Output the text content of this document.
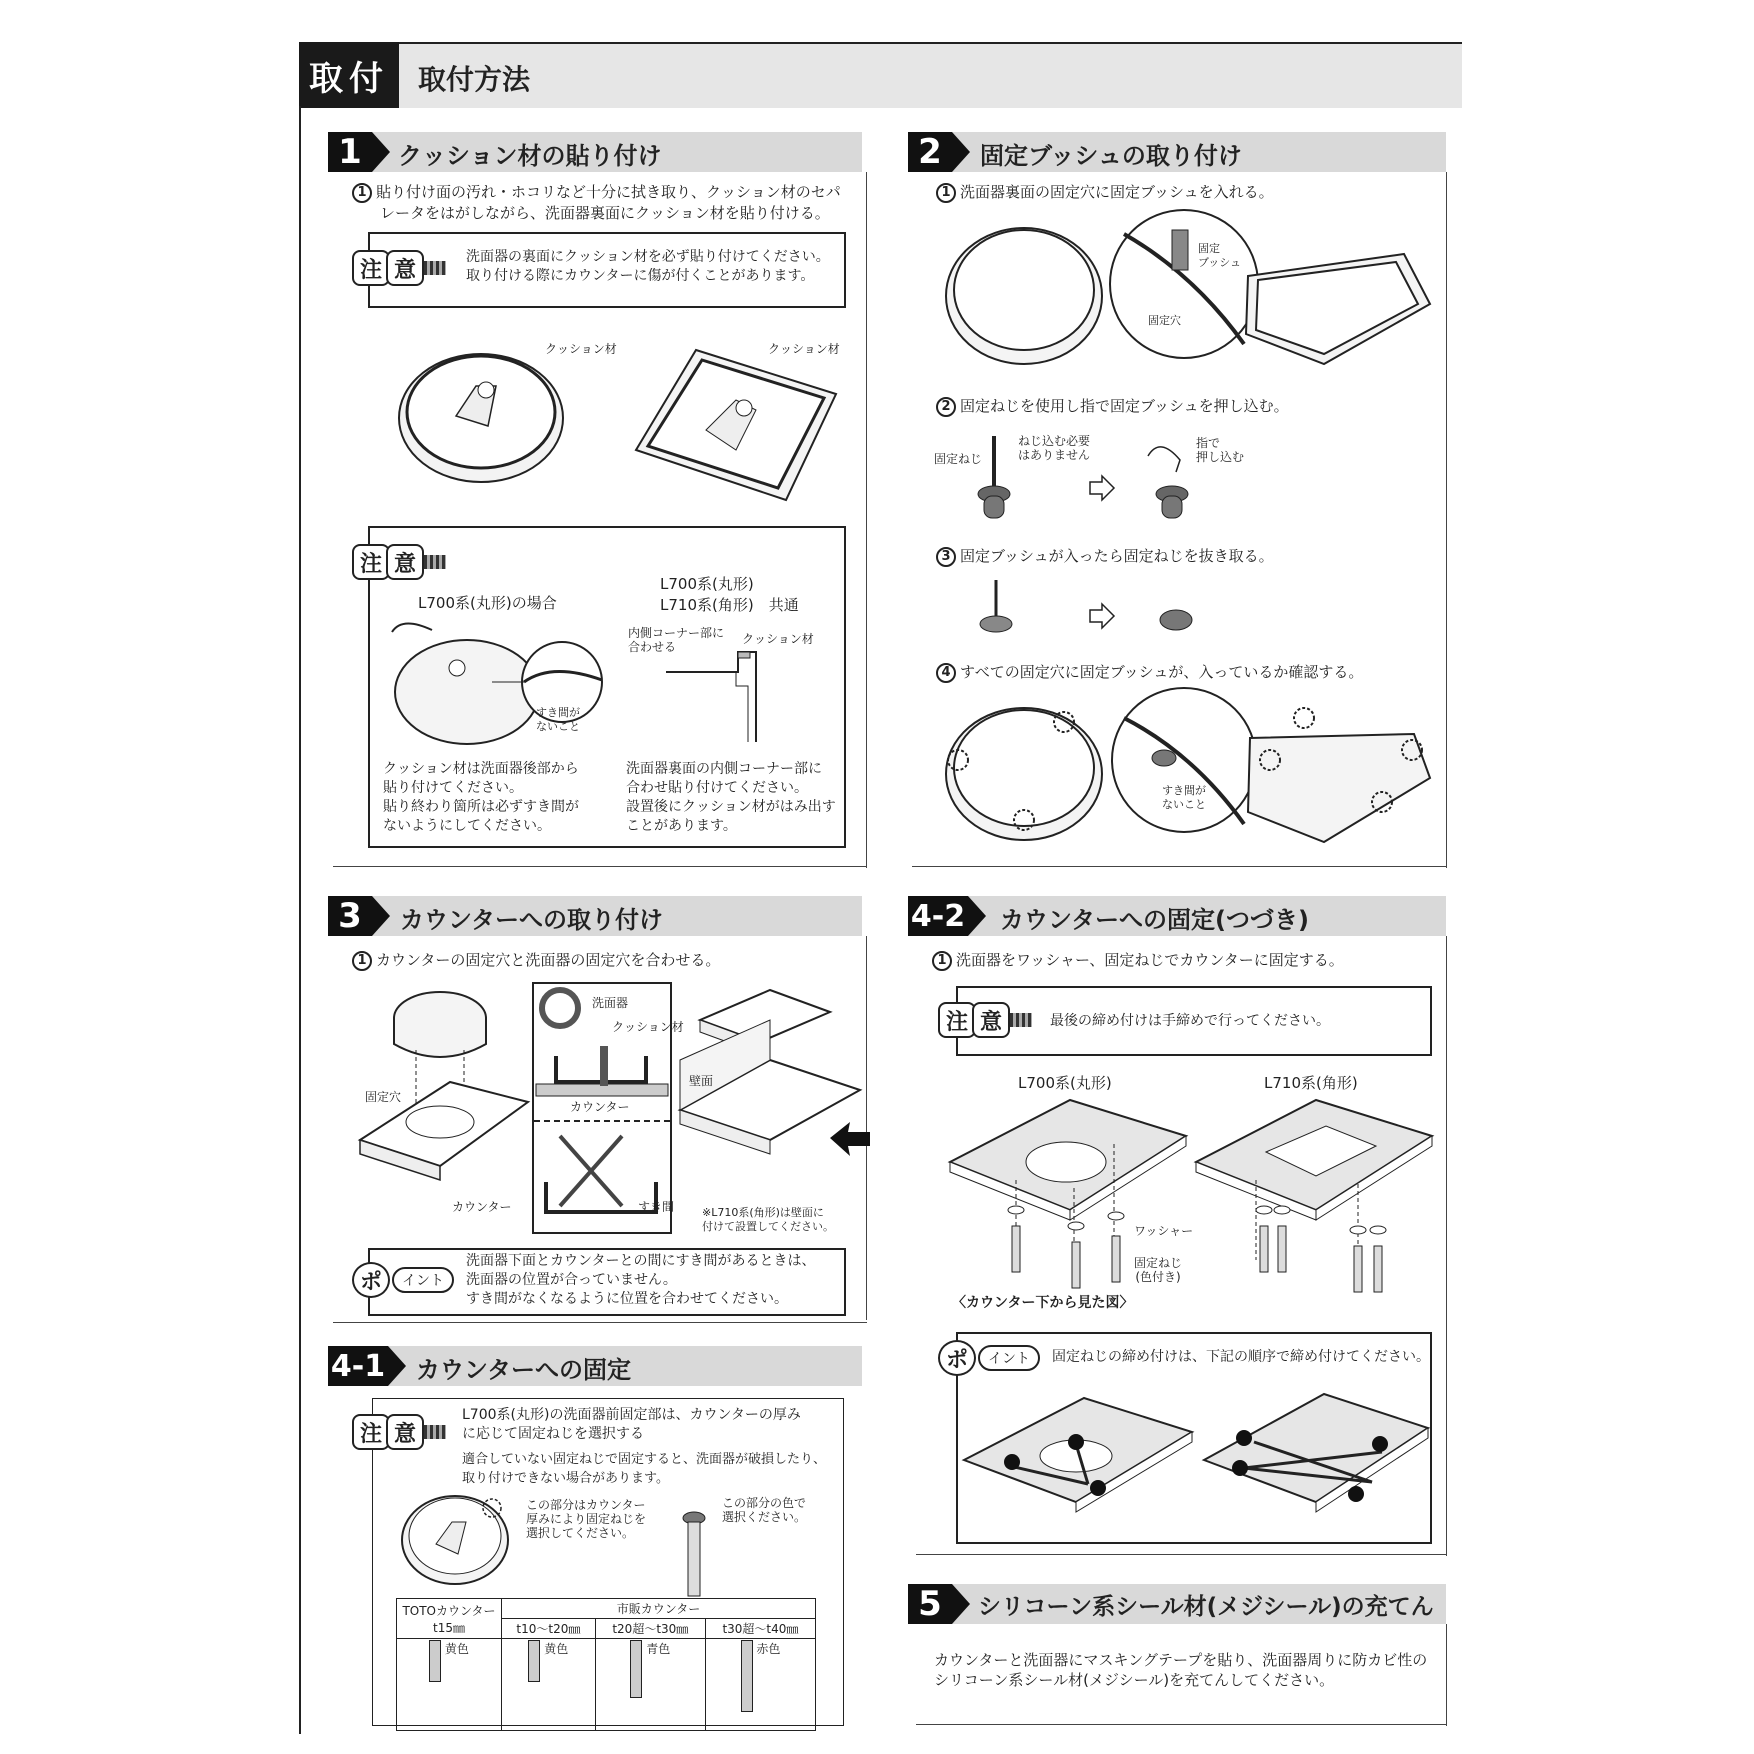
取付	取付方法
1	クッション材の貼り付け
1 貼り付け面の汚れ・ホコリなど十分に拭き取り、クッション材のセパ
レータをはがしながら、洗面器裏面にクッション材を貼り付ける。
注 意
洗面器の裏面にクッション材を必ず貼り付けてください。
取り付ける際にカウンターに傷が付くことがあります。
クッション材	クッション材
注 意
L700系(丸形)の場合
L700系(丸形)
L710系(角形)　 共通
すき間が
ないこと
内側コーナー部に
合わせる
クッション材
クッション材は洗面器後部から
貼り付けてください。
貼り終わり箇所は必ずすき間が
ないようにしてください。
洗面器裏面の内側コーナー部に
合わせ貼り付けてください。
設置後にクッション材がはみ出す
ことがあります。
2	固定ブッシュの取り付け
1 洗面器裏面の固定穴に固定ブッシュを入れる。
固定
ブッシュ
固定穴
2 固定ねじを使用し指で固定ブッシュを押し込む。
固定ねじ
ねじ込む必要
はありません
指で
押し込む
3 固定ブッシュが入ったら固定ねじを抜き取る。
4 すべての固定穴に固定ブッシュが、入っているか確認する。
すき間が
ないこと
3	カウンターへの取り付け
1 カウンターの固定穴と洗面器の固定穴を合わせる。
固定穴
カウンター
洗面器
クッション材
カウンター
すき間
壁面
※L710系(角形)は壁面に
付けて設置してください。
ポ	イント
洗面器下面とカウンターとの間にすき間があるときは、
洗面器の位置が合っていません。
すき間がなくなるように位置を合わせてください。
4-1 カウンターへの固定
注 意
L700系(丸形)の洗面器前固定部は、カウンターの厚み
に応じて固定ねじを選択する
適合していない固定ねじで固定すると、洗面器が破損したり、
取り付けできない場合があります。
この部分はカウンター
厚みにより固定ねじを
選択してください。
この部分の色で
選択ください。
TOTOカウンター
t15㎜	市販カウンター		
	t10～t20㎜	t20超～t30㎜	t30超～t40㎜
黄色	黄色	青色	赤色
4-2 カウンターへの固定(つづき)
1 洗面器をワッシャー、固定ねじでカウンターに固定する。
注 意	最後の締め付けは手締めで行ってください。
L700系(丸形)	L710系(角形)
ワッシャー
固定ねじ
(色付き)
〈カウンター下から見た図〉
ポ	イント	固定ねじの締め付けは、下記の順序で締め付けてください。
5	シリコーン系シール材(メジシール)の充てん
カウンターと洗面器にマスキングテープを貼り、洗面器周りに防カビ性の
シリコーン系シール材(メジシール)を充てんしてください。
